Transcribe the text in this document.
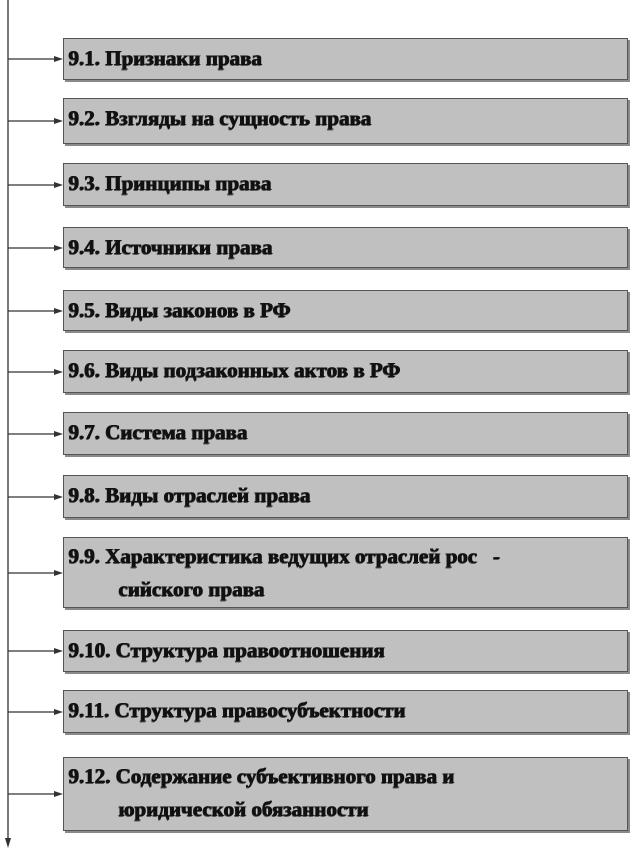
9.1. Признаки права
9.2. Взгляды на сущность права
9.3. Принципы права
9.4. Источники права
9.5. Виды законов в РФ
9.6. Виды подзаконных актов в РФ
9.7. Система права
9.8. Виды отраслей права
9.9. Характеристика ведущих отраслей рос   -
сийского права
9.10. Структура правоотношения
9.11. Структура правосубъектности
9.12. Содержание субъективного права и
юридической обязанности
